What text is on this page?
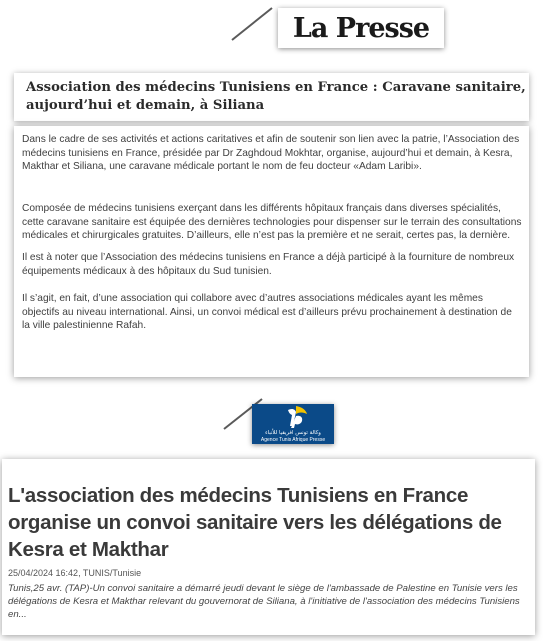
La Presse
Association des médecins Tunisiens en France : Caravane sanitaire, aujourd’hui et demain, à Siliana

Dans le cadre de ses activités et actions caritatives et afin de soutenir son lien avec la patrie, l’Association des médecins tunisiens en France, présidée par Dr Zaghdoud Mokhtar, organise, aujourd’hui et demain, à Kesra, Makthar et Siliana, une caravane médicale portant le nom de feu docteur «Adam Laribi».

Composée de médecins tunisiens exerçant dans les différents hôpitaux français dans diverses spécialités, cette caravane sanitaire est équipée des dernières technologies pour dispenser sur le terrain des consultations médicales et chirurgicales gratuites. D’ailleurs, elle n’est pas la première et ne serait, certes pas, la dernière.

Il est à noter que l’Association des médecins tunisiens en France a déjà participé à la fourniture de nombreux équipements médicaux à des hôpitaux du Sud tunisien.

Il s’agit, en fait, d’une association qui collabore avec d’autres associations médicales ayant les mêmes objectifs au niveau international. Ainsi, un convoi médical est d’ailleurs prévu prochainement à destination de la ville palestinienne Rafah.

وكالة تونس افريقيا للأنباء
Agence Tunis Afrique Presse
L'association des médecins Tunisiens en France organise un convoi sanitaire vers les délégations de Kesra et Makthar

25/04/2024 16:42, TUNIS/Tunisie

Tunis,25 avr. (TAP)-Un convoi sanitaire a démarré jeudi devant le siège de l'ambassade de Palestine en Tunisie vers les délégations de Kesra et Makthar relevant du gouvernorat de Siliana, à l'initiative de l'association des médecins Tunisiens en...
